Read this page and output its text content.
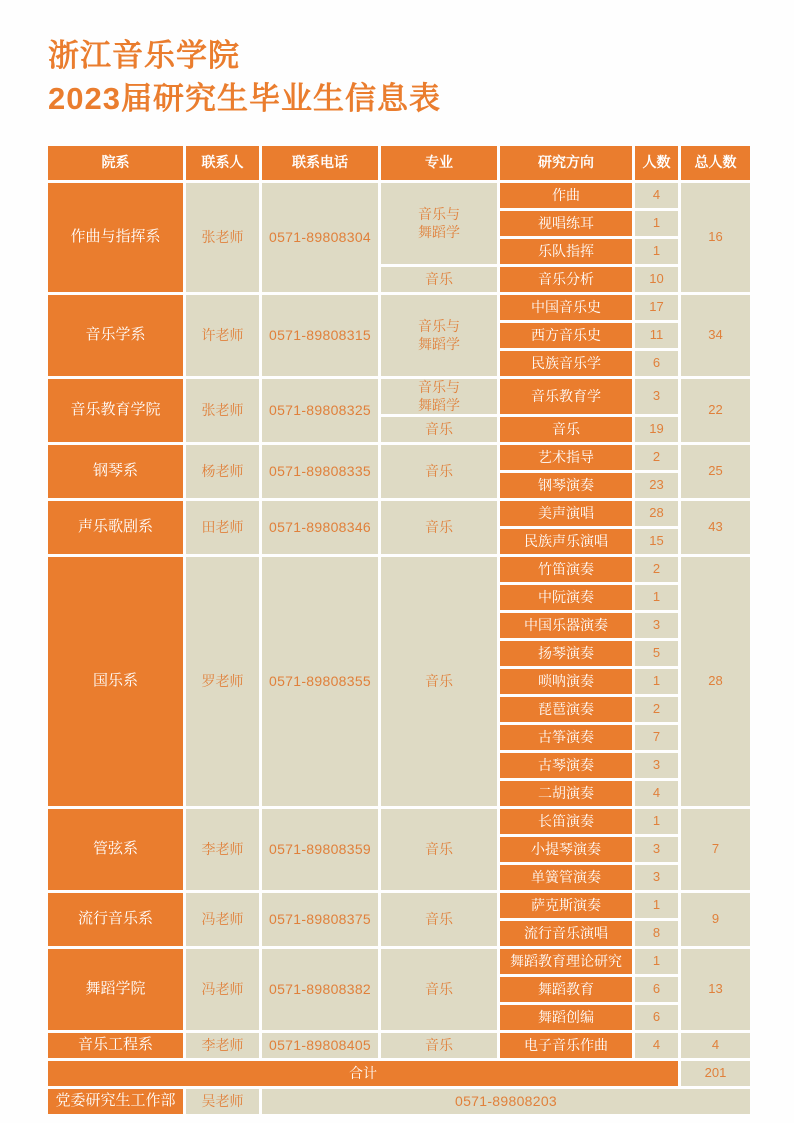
浙江音乐学院
2023届研究生毕业生信息表
院系	联系人	联系电话	专业	研究方向	人数	总人数
作曲与指挥系	张老师	0571-89808304	音乐与舞蹈学	作曲	4	16
				视唱练耳	1	
				乐队指挥	1	
			音乐	音乐分析	10	
音乐学系	许老师	0571-89808315	音乐与舞蹈学	中国音乐史	17	34
				西方音乐史	11	
				民族音乐学	6	
音乐教育学院	张老师	0571-89808325	音乐与舞蹈学	音乐教育学	3	22
			音乐	音乐	19	
钢琴系	杨老师	0571-89808335	音乐	艺术指导	2	25
				钢琴演奏	23	
声乐歌剧系	田老师	0571-89808346	音乐	美声演唱	28	43
				民族声乐演唱	15	
国乐系	罗老师	0571-89808355	音乐	竹笛演奏	2	28
				中阮演奏	1	
				中国乐器演奏	3	
				扬琴演奏	5	
				唢呐演奏	1	
				琵琶演奏	2	
				古筝演奏	7	
				古琴演奏	3	
				二胡演奏	4	
管弦系	李老师	0571-89808359	音乐	长笛演奏	1	7
				小提琴演奏	3	
				单簧管演奏	3	
流行音乐系	冯老师	0571-89808375	音乐	萨克斯演奏	1	9
				流行音乐演唱	8	
舞蹈学院	冯老师	0571-89808382	音乐	舞蹈教育理论研究	1	13
				舞蹈教育	6	
				舞蹈创编	6	
音乐工程系	李老师	0571-89808405	音乐	电子音乐作曲	4	4
合计						201
党委研究生工作部	吴老师	0571-89808203				
